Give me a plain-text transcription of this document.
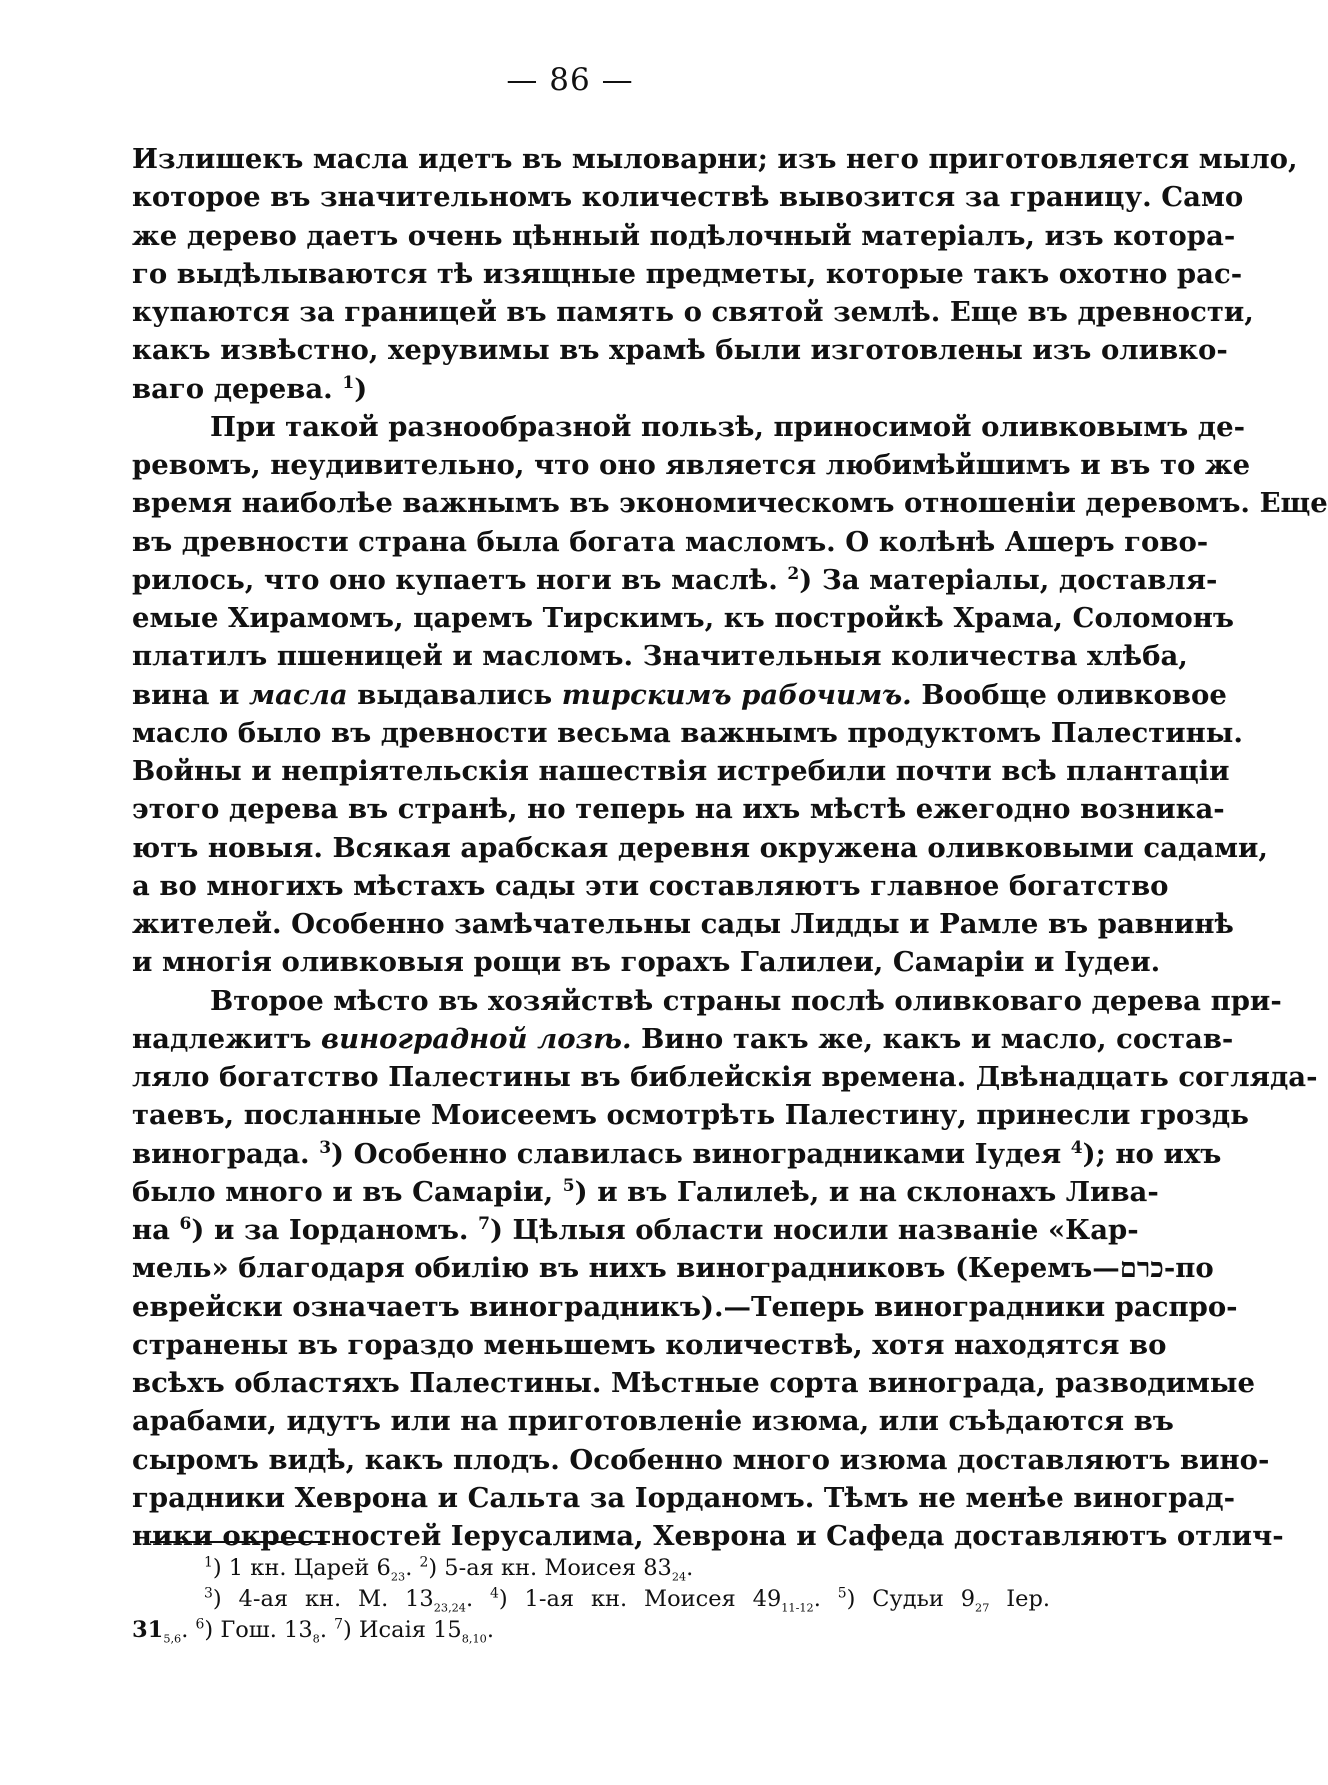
— 86 —
Излишекъ масла идетъ въ мыловарни; изъ него приготовляется мыло,
которое въ значительномъ количествѣ вывозится за границу. Само
же дерево даетъ очень цѣнный подѣлочный матеріалъ, изъ котора-
го выдѣлываются тѣ изящные предметы, которые такъ охотно рас-
купаются за границей въ память о святой землѣ. Еще въ древности,
какъ извѣстно, херувимы въ храмѣ были изготовлены изъ оливко-
ваго дерева. $^1$)
При такой разнообразной пользѣ, приносимой оливковымъ де-
ревомъ, неудивительно, что оно является любимѣйшимъ и въ то же
время наиболѣе важнымъ въ экономическомъ отношеніи деревомъ. Еще
въ древности страна была богата масломъ. О колѣнѣ Ашеръ гово-
рилось, что оно купаетъ ноги въ маслѣ. $^2$) За матеріалы, доставля-
емые Хирамомъ, царемъ Тирскимъ, къ постройкѣ Храма, Соломонъ
платилъ пшеницей и масломъ. Значительныя количества хлѣба,
вина и масла выдавались тирскимъ рабочимъ. Вообще оливковое
масло было въ древности весьма важнымъ продуктомъ Палестины.
Войны и непріятельскія нашествія истребили почти всѣ плантаціи
этого дерева въ странѣ, но теперь на ихъ мѣстѣ ежегодно возника-
ютъ новыя. Всякая арабская деревня окружена оливковыми садами,
а во многихъ мѣстахъ сады эти составляютъ главное богатство
жителей. Особенно замѣчательны сады Лидды и Рамле въ равнинѣ
и многія оливковыя рощи въ горахъ Галилеи, Самаріи и Іудеи.
Второе мѣсто въ хозяйствѣ страны послѣ оливковаго дерева при-
надлежитъ виноградной лозѣ. Вино такъ же, какъ и масло, состав-
ляло богатство Палестины въ библейскія времена. Двѣнадцать соглядa-
таевъ, посланные Моисеемъ осмотрѣть Палестину, принесли гроздь
винограда. $^3$) Особенно славилась виноградниками Іудея $^4$); но ихъ
было много и въ Самаріи, $^5$) и въ Галилеѣ, и на склонахъ Лива-
на $^6$) и за Іорданомъ. $^7$) Цѣлыя области носили названіе «Кар-
мель» благодаря обилію въ нихъ виноградниковъ (Керемъ—כרם-по
еврейски означаетъ виноградникъ).—Теперь виноградники распро-
странены въ гораздо меньшемъ количествѣ, хотя находятся во
всѣхъ областяхъ Палестины. Мѣстные сорта винограда, разводимые
арабами, идутъ или на приготовленіе изюма, или съѣдаются въ
сыромъ видѣ, какъ плодъ. Особенно много изюма доставляютъ вино-
градники Хеврона и Сальта за Іорданомъ. Тѣмъ не менѣе винoград-
ники окрестностей Іерусалима, Хеврона и Сафеда доставляютъ отлич-
$^1$) 1 кн. Царей $6_{23}$. $^2$) 5-ая кн. Моисея $83_{24}$.
$^3$) 4-ая кн. М. $13_{23,24}$. $^4$) 1-ая кн. Моисея $49_{11-12}$. $^5$) Судьи $9_{27}$ Іер.
$31_{5,6}$. $^6$) Гош. $13_8$. $^7$) Исаія $15_{8,10}$.
